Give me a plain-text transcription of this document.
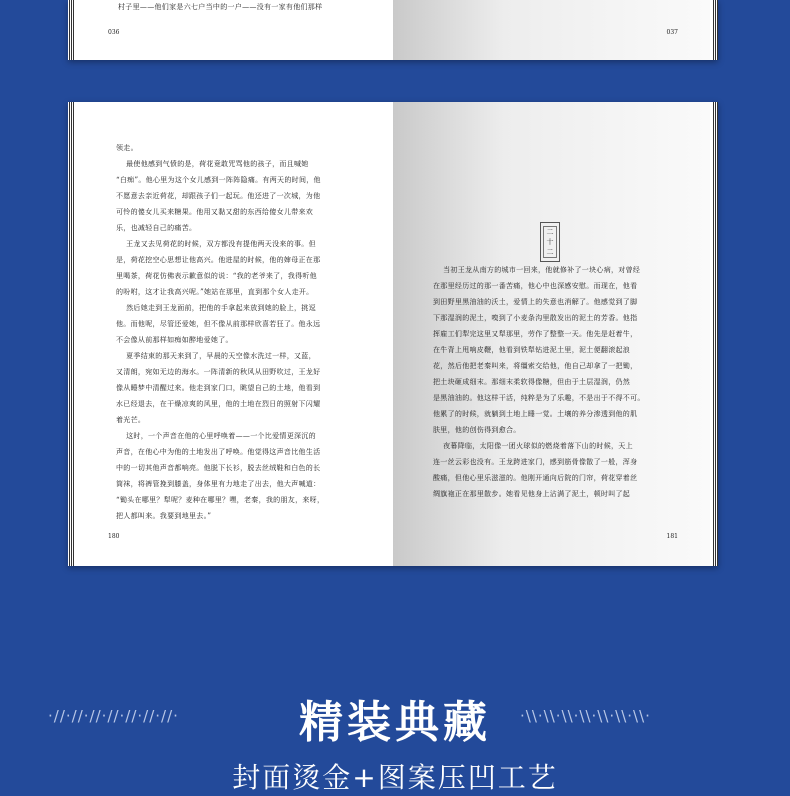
村子里——他们家是六七户当中的一户——没有一家有他们那样
036	037
领走。
最使他感到气愤的是，荷花竟敢咒骂他的孩子，而且喊她
“白痴”。他心里为这个女儿感到一阵阵隐痛。有两天的时间，他
不愿意去亲近荷花，却跟孩子们一起玩。他还进了一次城，为他
可怜的傻女儿买来糖果。他用又黏又甜的东西给傻女儿带来欢
乐，也减轻自己的痛苦。
王龙又去见荷花的时候，双方都没有提他两天没来的事。但
是，荷花挖空心思想让他高兴。他进屋的时候，他的婶母正在那
里喝茶，荷花仿佛表示歉意似的说：“我的老爷来了，我得听他
的吩咐，这才让我高兴呢。”她站在那里，直到那个女人走开。
然后她走到王龙面前，把他的手拿起来放到她的脸上，挑逗
他。而他呢，尽管还爱她，但不像从前那样欣喜若狂了。他永远
不会像从前那样如痴如醉地爱她了。
夏季结束的那天来到了，早晨的天空像水洗过一样，又蓝，
又清朗，宛如无边的海水。一阵清新的秋风从田野吹过，王龙好
像从睡梦中清醒过来。他走到家门口，眺望自己的土地，他看到
水已经退去，在干燥凉爽的风里，他的土地在烈日的照射下闪耀
着光芒。
这时，一个声音在他的心里呼唤着——一个比爱情更深沉的
声音，在他心中为他的土地发出了呼唤。他觉得这声音比他生活
中的一切其他声音都响亮。他脱下长衫，脱去丝绒鞋和白色的长
筒袜，将裤管挽到膝盖，身体里有力地走了出去，他大声喊道：
“锄头在哪里？犁呢？麦种在哪里？嘿，老秦，我的朋友，来呀，
把人都叫来。我要到地里去。”
180
二十二
当初王龙从南方的城市一回来，他就修补了一块心病，对曾经
在那里经历过的那一番苦痛，他心中也深感安慰。而现在，他看
到田野里黑油油的沃土，爱情上的失意也消解了。他感觉到了脚
下那湿润的泥土，嗅到了小麦条沟里散发出的泥土的芳香。他指
挥雇工们犁完这里又犁那里，劳作了整整一天。他先是赶着牛，
在牛背上甩响皮鞭，他看到铁犁钻进泥土里，泥土便翻滚起浪
花，然后他把老秦叫来，将缰索交给他，他自己却拿了一把锄，
把土块砸成细末。那细末柔软得像糖，但由于土层湿润，仍然
是黑油油的。他这样干活，纯粹是为了乐趣，不是出于不得不可。
他累了的时候，就躺到土地上睡一觉。土壤的养分渗透到他的肌
肤里，他的创伤得到愈合。
夜幕降临，太阳像一团火球似的燃烧着落下山的时候，天上
连一丝云彩也没有。王龙跨进家门，感到筋骨像散了一般，浑身
酸痛，但他心里乐滋滋的。他刚开通向后院的门帘，荷花穿着丝
绸旗袍正在那里散步。她看见他身上沾满了泥土，顿时叫了起
181
·//·//·//·//·//·//·//·	·\\·\\·\\·\\·\\·\\·\\·
精装典藏
封面烫金+图案压凹工艺
